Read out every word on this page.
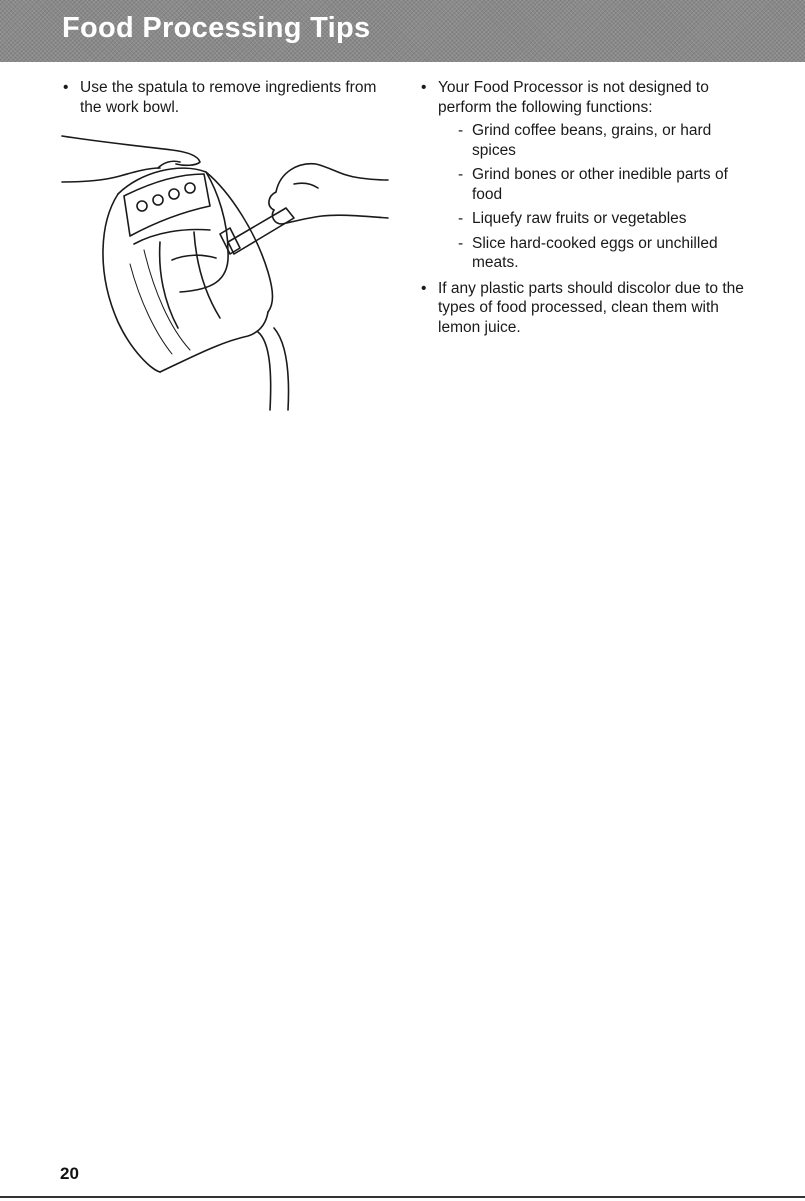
Food Processing Tips

• Use the spatula to remove ingredients from the work bowl.

• Your Food Processor is not designed to perform the following functions:

- Grind coffee beans, grains, or hard spices

- Grind bones or other inedible parts of food

- Liquefy raw fruits or vegetables

- Slice hard-cooked eggs or unchilled meats.

• If any plastic parts should discolor due to the types of food processed, clean them with lemon juice.

20
